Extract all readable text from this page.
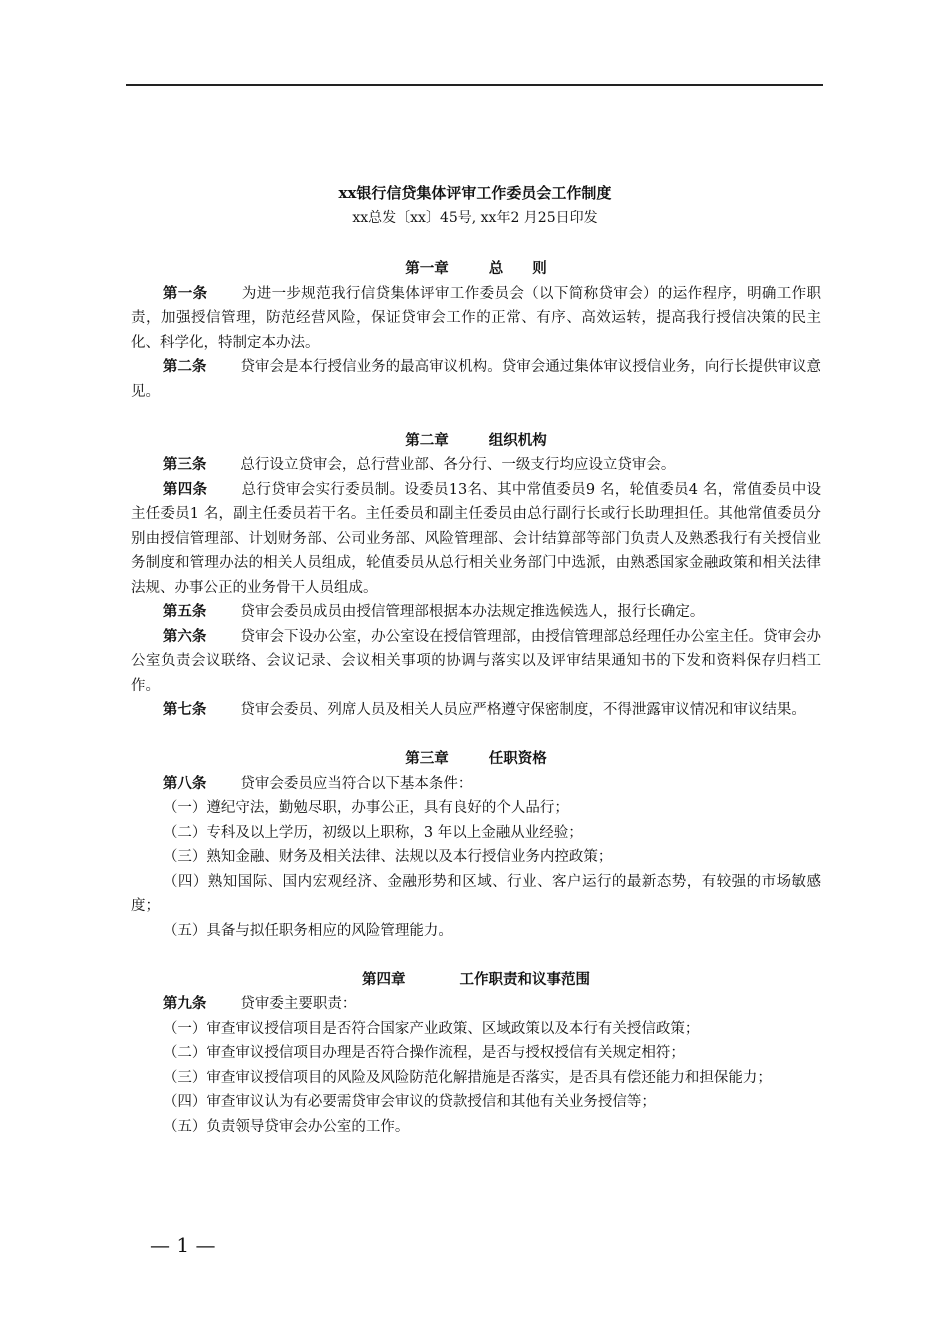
xx银行信贷集体评审工作委员会工作制度
xx总发〔xx〕45号, xx年2 月25日印发
第一章	总　　则

第一条 为进一步规范我行信贷集体评审工作委员会（以下简称贷审会）的运作程序，明确工作职责，加强授信管理，防范经营风险，保证贷审会工作的正常、有序、高效运转，提高我行授信决策的民主化、科学化，特制定本办法。

第二条 贷审会是本行授信业务的最高审议机构。贷审会通过集体审议授信业务，向行长提供审议意见。

第二章	组织机构

第三条 总行设立贷审会，总行营业部、各分行、一级支行均应设立贷审会。

第四条 总行贷审会实行委员制。设委员13名、其中常值委员9 名，轮值委员4 名，常值委员中设主任委员1 名，副主任委员若干名。主任委员和副主任委员由总行副行长或行长助理担任。其他常值委员分别由授信管理部、计划财务部、公司业务部、风险管理部、会计结算部等部门负责人及熟悉我行有关授信业务制度和管理办法的相关人员组成，轮值委员从总行相关业务部门中选派，由熟悉国家金融政策和相关法律法规、办事公正的业务骨干人员组成。

第五条 贷审会委员成员由授信管理部根据本办法规定推选候选人，报行长确定。

第六条 贷审会下设办公室，办公室设在授信管理部，由授信管理部总经理任办公室主任。贷审会办公室负责会议联络、会议记录、会议相关事项的协调与落实以及评审结果通知书的下发和资料保存归档工作。

第七条 贷审会委员、列席人员及相关人员应严格遵守保密制度，不得泄露审议情况和审议结果。

第三章	任职资格

第八条 贷审会委员应当符合以下基本条件：

（一）遵纪守法，勤勉尽职，办事公正，具有良好的个人品行；

（二）专科及以上学历，初级以上职称，3 年以上金融从业经验；

（三）熟知金融、财务及相关法律、法规以及本行授信业务内控政策；

（四）熟知国际、国内宏观经济、金融形势和区域、行业、客户运行的最新态势，有较强的市场敏感度；

（五）具备与拟任职务相应的风险管理能力。

第四章	工作职责和议事范围

第九条 贷审委主要职责：

（一）审查审议授信项目是否符合国家产业政策、区域政策以及本行有关授信政策；

（二）审查审议授信项目办理是否符合操作流程，是否与授权授信有关规定相符；

（三）审查审议授信项目的风险及风险防范化解措施是否落实，是否具有偿还能力和担保能力；

（四）审查审议认为有必要需贷审会审议的贷款授信和其他有关业务授信等；

（五）负责领导贷审会办公室的工作。

— 1 —
